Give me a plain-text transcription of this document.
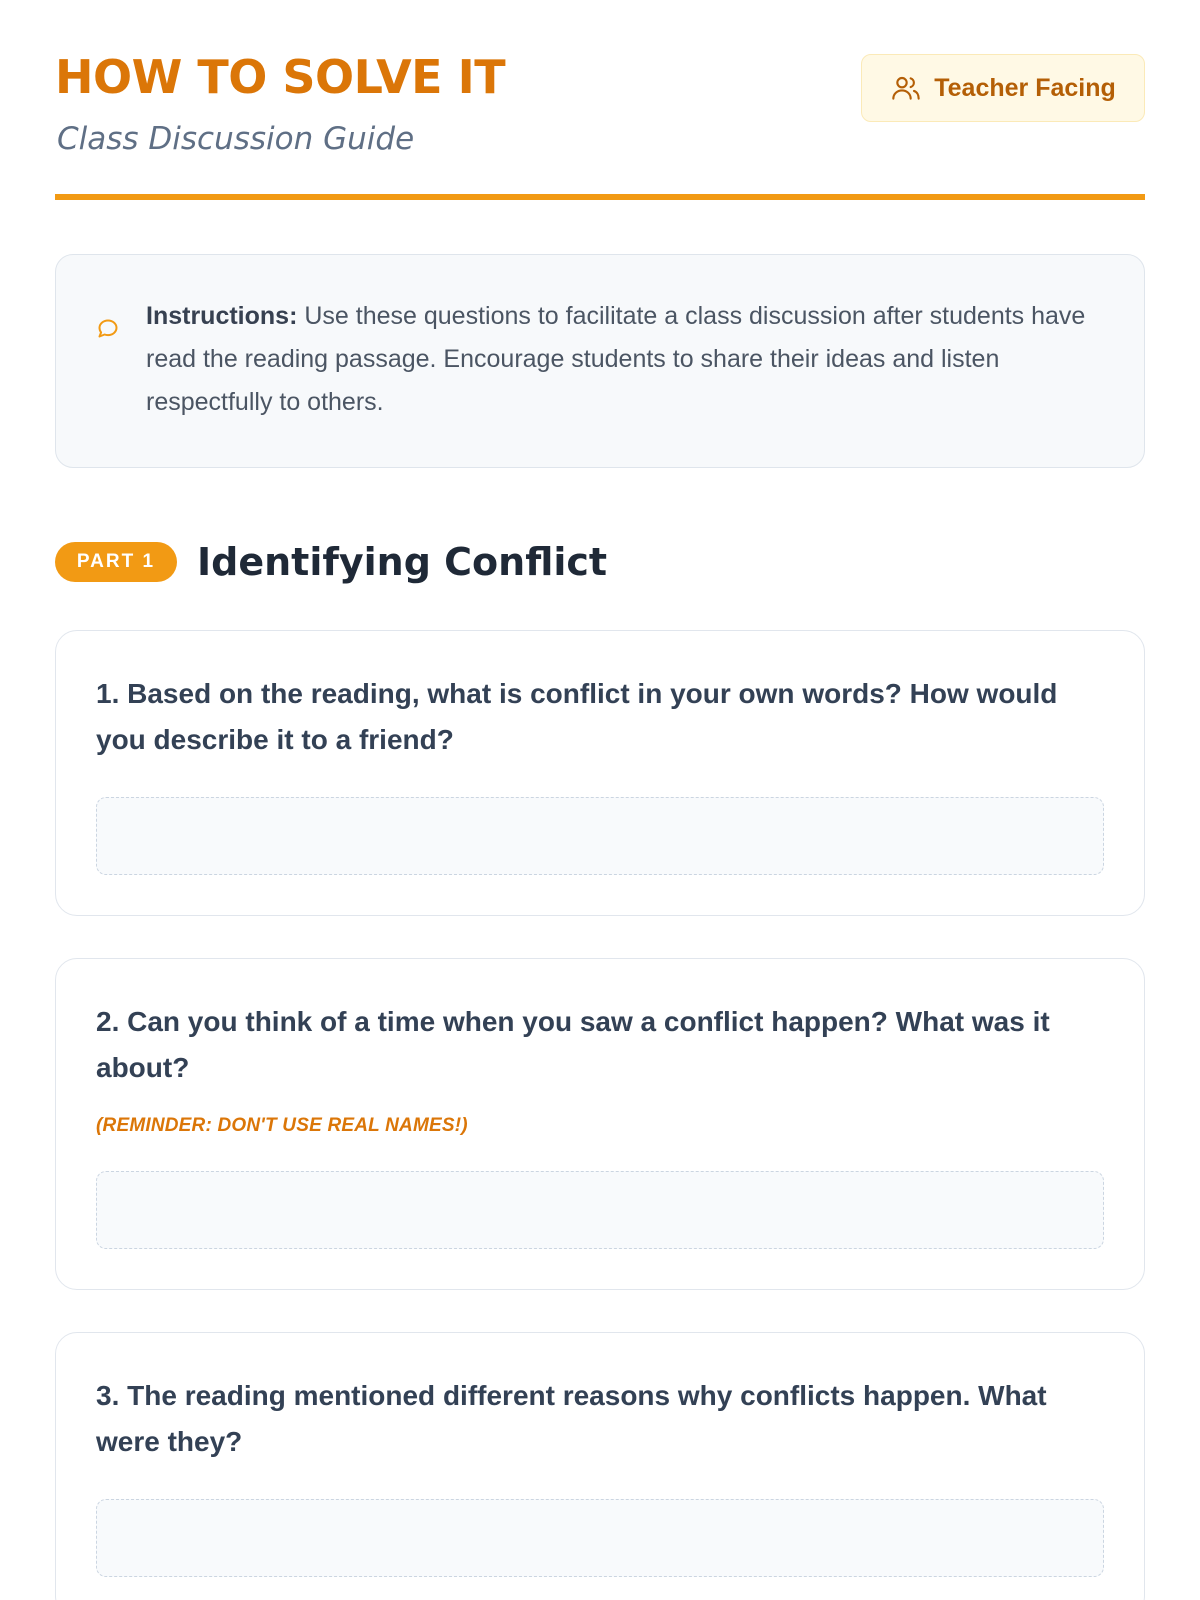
HOW TO SOLVE IT

Class Discussion Guide

Teacher Facing

Instructions: Use these questions to facilitate a class discussion after students have read the reading passage. Encourage students to share their ideas and listen respectfully to others.

PART 1	Identifying Conflict

1. Based on the reading, what is conflict in your own words? How would you describe it to a friend?

2. Can you think of a time when you saw a conflict happen? What was it about?

(REMINDER: DON'T USE REAL NAMES!)

3. The reading mentioned different reasons why conflicts happen. What were they?
